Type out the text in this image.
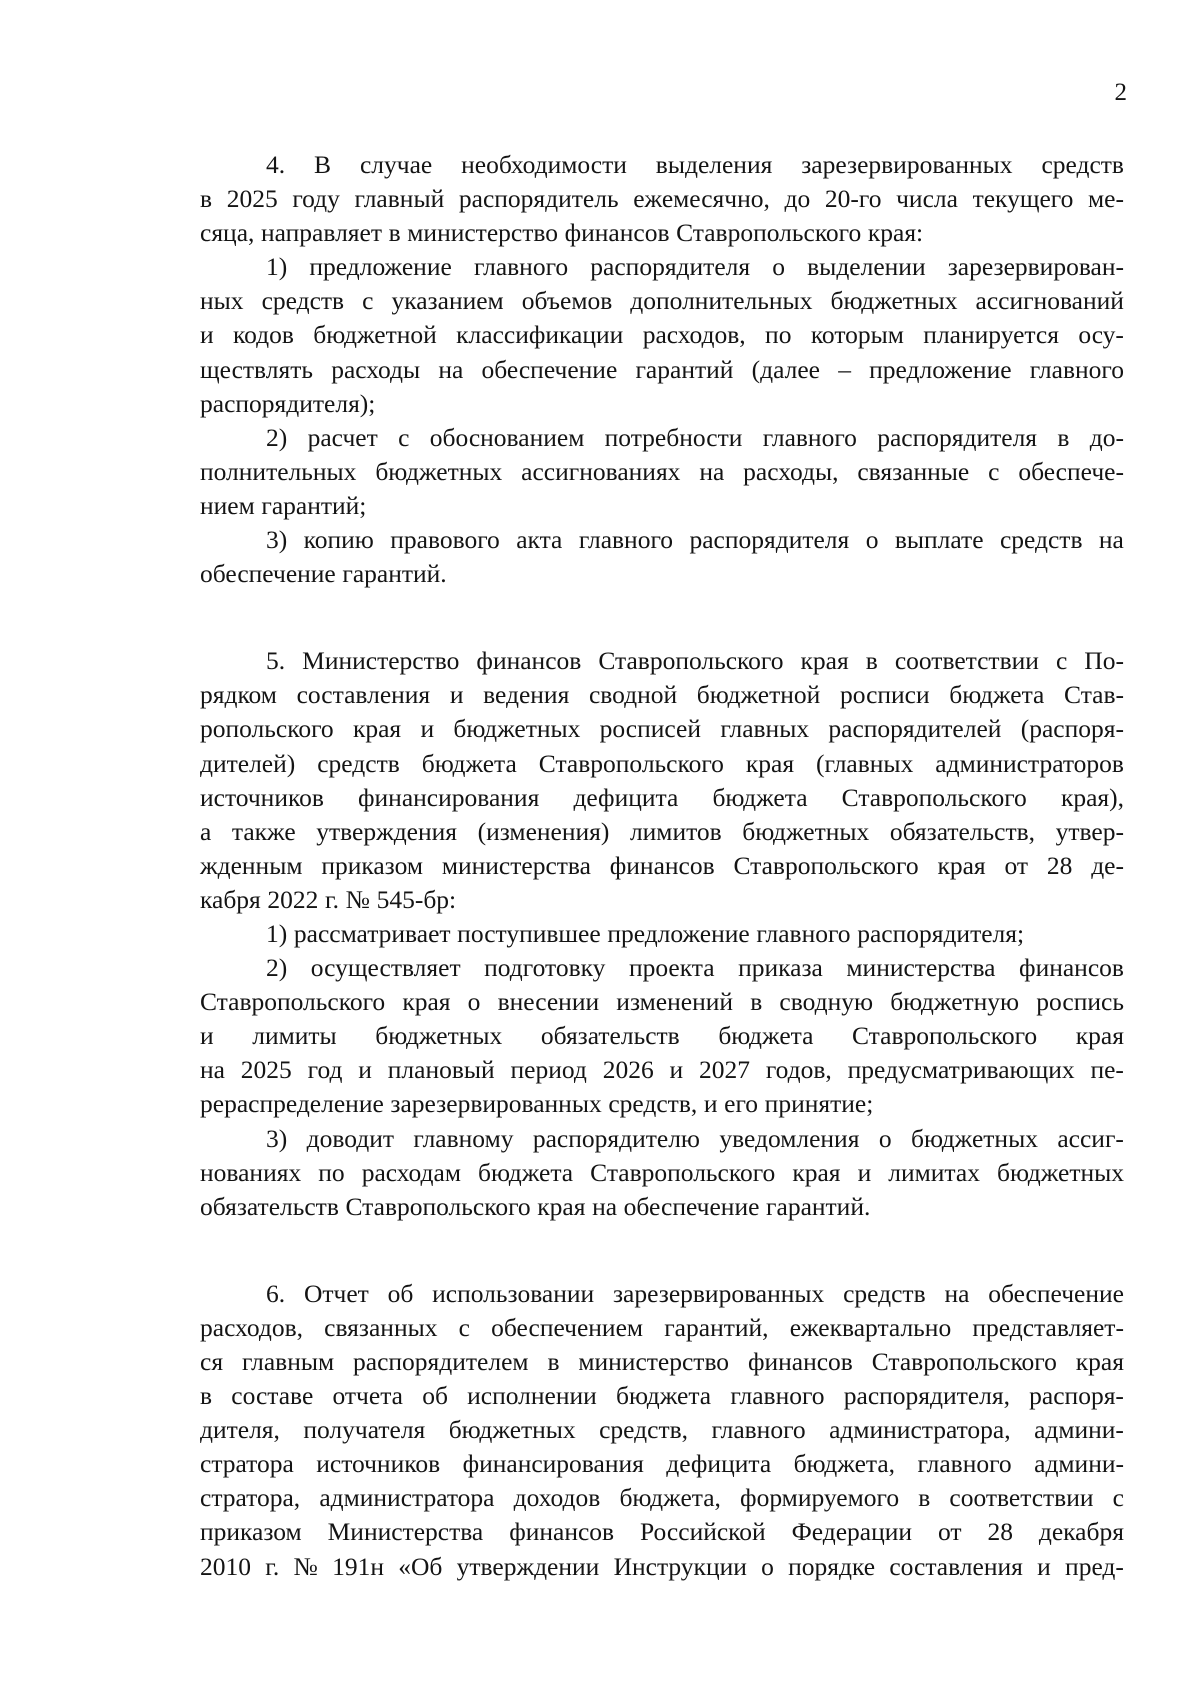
2
4. В случае необходимости выделения зарезервированных средств
в 2025 году главный распорядитель ежемесячно, до 20-го числа текущего ме-
сяца, направляет в министерство финансов Ставропольского края:
1) предложение главного распорядителя о выделении зарезервирован-
ных средств с указанием объемов дополнительных бюджетных ассигнований
и кодов бюджетной классификации расходов, по которым планируется осу-
ществлять расходы на обеспечение гарантий (далее – предложение главного
распорядителя);
2) расчет с обоснованием потребности главного распорядителя в до-
полнительных бюджетных ассигнованиях на расходы, связанные с обеспече-
нием гарантий;
3) копию правового акта главного распорядителя о выплате средств на
обеспечение гарантий.
5. Министерство финансов Ставропольского края в соответствии с По-
рядком составления и ведения сводной бюджетной росписи бюджета Став-
ропольского края и бюджетных росписей главных распорядителей (распоря-
дителей) средств бюджета Ставропольского края (главных администраторов
источников финансирования дефицита бюджета Ставропольского края),
а также утверждения (изменения) лимитов бюджетных обязательств, утвер-
жденным приказом министерства финансов Ставропольского края от 28 де-
кабря 2022 г. № 545-бр:
1) рассматривает поступившее предложение главного распорядителя;
2) осуществляет подготовку проекта приказа министерства финансов
Ставропольского края о внесении изменений в сводную бюджетную роспись
и лимиты бюджетных обязательств бюджета Ставропольского края
на 2025 год и плановый период 2026 и 2027 годов, предусматривающих пе-
рераспределение зарезервированных средств, и его принятие;
3) доводит главному распорядителю уведомления о бюджетных ассиг-
нованиях по расходам бюджета Ставропольского края и лимитах бюджетных
обязательств Ставропольского края на обеспечение гарантий.
6. Отчет об использовании зарезервированных средств на обеспечение
расходов, связанных с обеспечением гарантий, ежеквартально представляет-
ся главным распорядителем в министерство финансов Ставропольского края
в составе отчета об исполнении бюджета главного распорядителя, распоря-
дителя, получателя бюджетных средств, главного администратора, админи-
стратора источников финансирования дефицита бюджета, главного админи-
стратора, администратора доходов бюджета, формируемого в соответствии с
приказом Министерства финансов Российской Федерации от 28 декабря
2010 г. № 191н «Об утверждении Инструкции о порядке составления и пред-
